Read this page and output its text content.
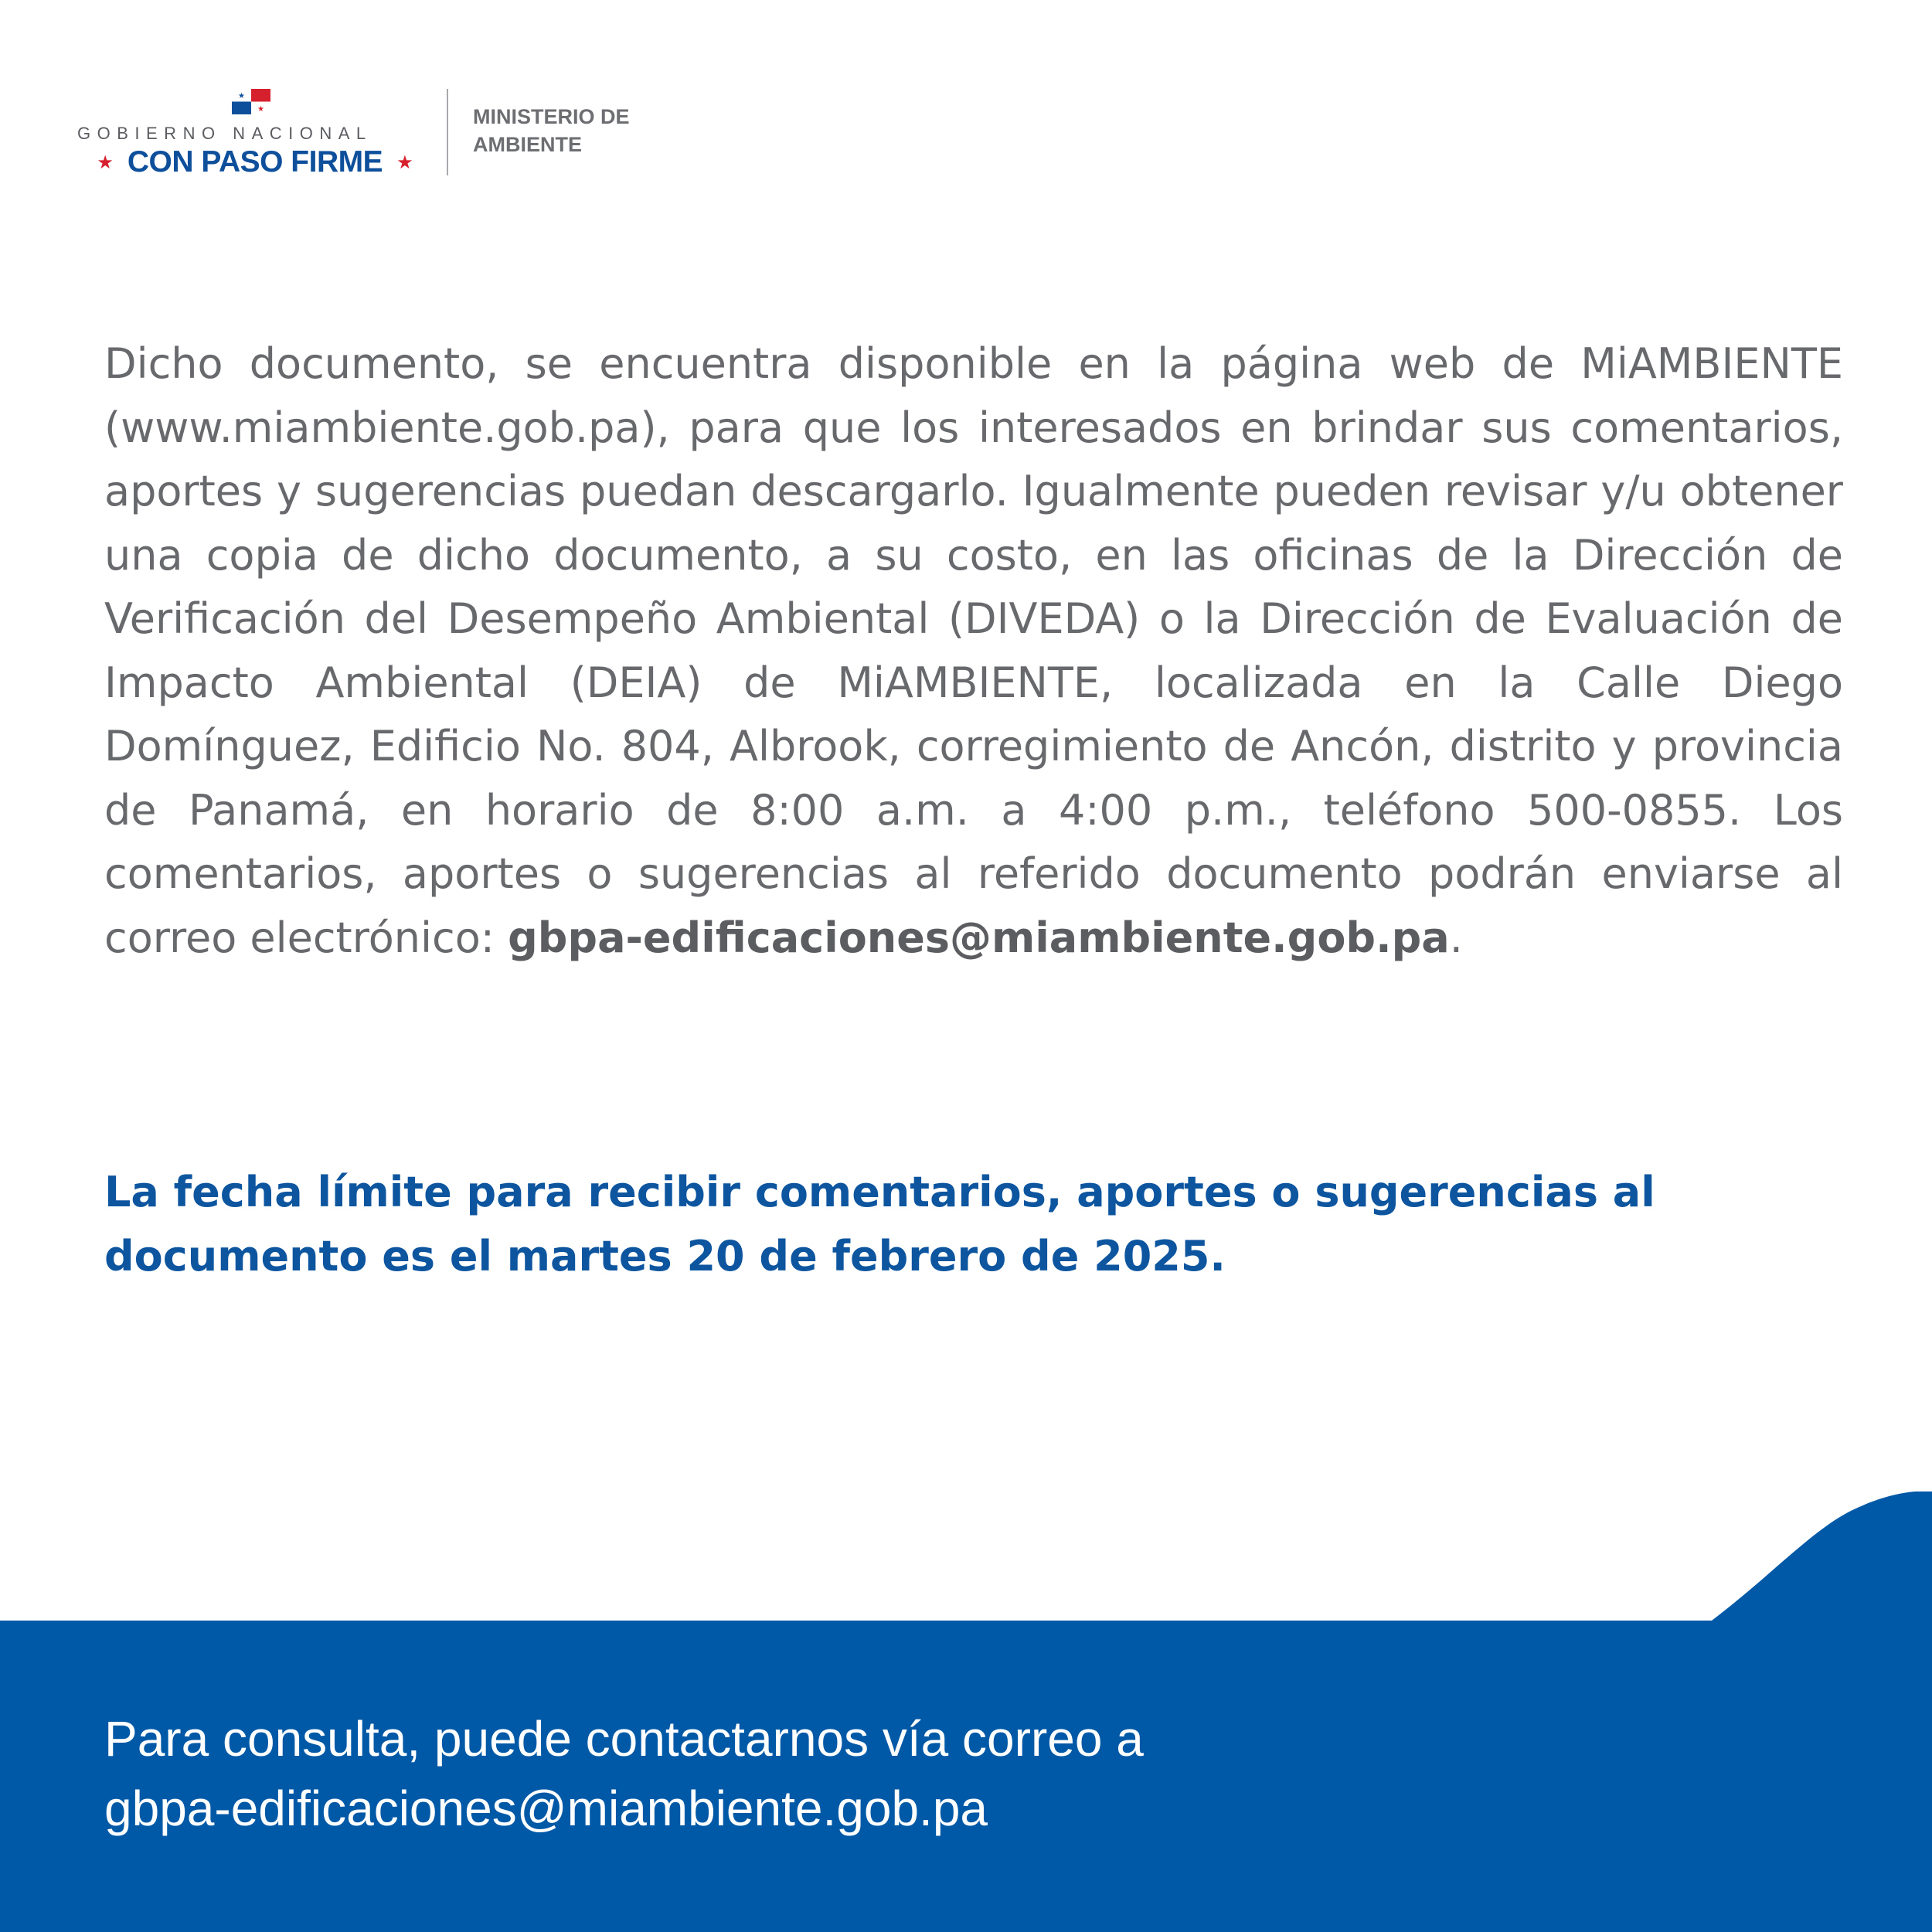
★
★
GOBIERNO NACIONAL
★ CON PASO FIRME ★
MINISTERIO DE
AMBIENTE

Dicho documento, se encuentra disponible en la página web de MiAMBIENTE (www.miambiente.gob.pa), para que los interesados en brindar sus comentarios, aportes y sugerencias puedan descargarlo. Igualmente pueden revisar y/u obtener una copia de dicho documento, a su costo, en las oficinas de la Dirección de Verificación del Desempeño Ambiental (DIVEDA) o la Dirección de Evaluación de Impacto Ambiental (DEIA) de MiAMBIENTE, localizada en la Calle Diego Domínguez, Edificio No. 804, Albrook, corregimiento de Ancón, distrito y provincia de Panamá, en horario de 8:00 a.m. a 4:00 p.m., teléfono 500-0855. Los comentarios, aportes o sugerencias al referido documento podrán enviarse al correo electrónico: gbpa-edificaciones@miambiente.gob.pa.

La fecha límite para recibir comentarios, aportes o sugerencias al documento es el martes 20 de febrero de 2025.

Para consulta, puede contactarnos vía correo a
gbpa-edificaciones@miambiente.gob.pa
